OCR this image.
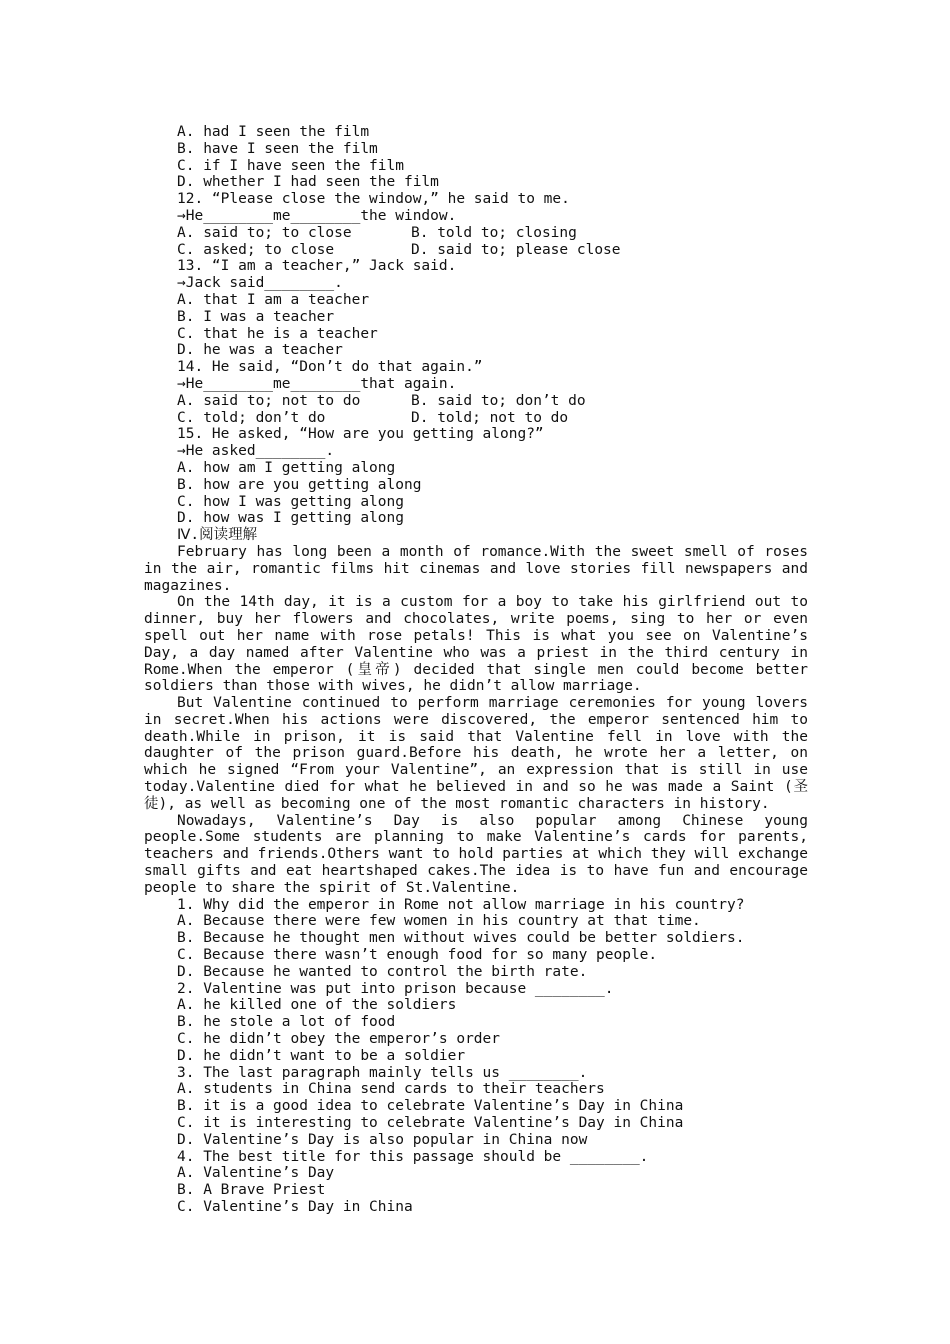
A. had I seen the film
B. have I seen the film
C. if I have seen the film
D. whether I had seen the film
12. “Please close the window,” he said to me.
→He________me________the window.
A. said to; to close	B. told to; closing
C. asked; to close	D. said to; please close
13. “I am a teacher,” Jack said.
→Jack said________.
A. that I am a teacher
B. I was a teacher
C. that he is a teacher
D. he was a teacher
14. He said, “Don’t do that again.”
→He________me________that again.
A. said to; not to do	B. said to; don’t do
C. told; don’t do	D. told; not to do
15. He asked, “How are you getting along?”
→He asked________.
A. how am I getting along
B. how are you getting along
C. how I was getting along
D. how was I getting along
Ⅳ.阅读理解

February has long been a month of romance.With the sweet smell of roses in the air, romantic films hit cinemas and love stories fill newspapers and magazines.

On the 14th day, it is a custom for a boy to take his girlfriend out to dinner, buy her flowers and chocolates, write poems, sing to her or even spell out her name with rose petals! This is what you see on Valentine’s Day, a day named after Valentine who was a priest in the third century in Rome.When the emperor (皇帝) decided that single men could become better soldiers than those with wives, he didn’t allow marriage.

But Valentine continued to perform marriage ceremonies for young lovers in secret.When his actions were discovered, the emperor sentenced him to death.While in prison, it is said that Valentine fell in love with the daughter of the prison guard.Before his death, he wrote her a letter, on which he signed “From your Valentine”, an expression that is still in use today.Valentine died for what he believed in and so he was made a Saint (圣徒), as well as becoming one of the most romantic characters in history.

Nowadays, Valentine’s Day is also popular among Chinese young people.Some students are planning to make Valentine’s cards for parents, teachers and friends.Others want to hold parties at which they will exchange small gifts and eat heartshaped cakes.The idea is to have fun and encourage people to share the spirit of St.Valentine.

1. Why did the emperor in Rome not allow marriage in his country?
A. Because there were few women in his country at that time.
B. Because he thought men without wives could be better soldiers.
C. Because there wasn’t enough food for so many people.
D. Because he wanted to control the birth rate.
2. Valentine was put into prison because ________.
A. he killed one of the soldiers
B. he stole a lot of food
C. he didn’t obey the emperor’s order
D. he didn’t want to be a soldier
3. The last paragraph mainly tells us ________.
A. students in China send cards to their teachers
B. it is a good idea to celebrate Valentine’s Day in China
C. it is interesting to celebrate Valentine’s Day in China
D. Valentine’s Day is also popular in China now
4. The best title for this passage should be ________.
A. Valentine’s Day
B. A Brave Priest
C. Valentine’s Day in China
